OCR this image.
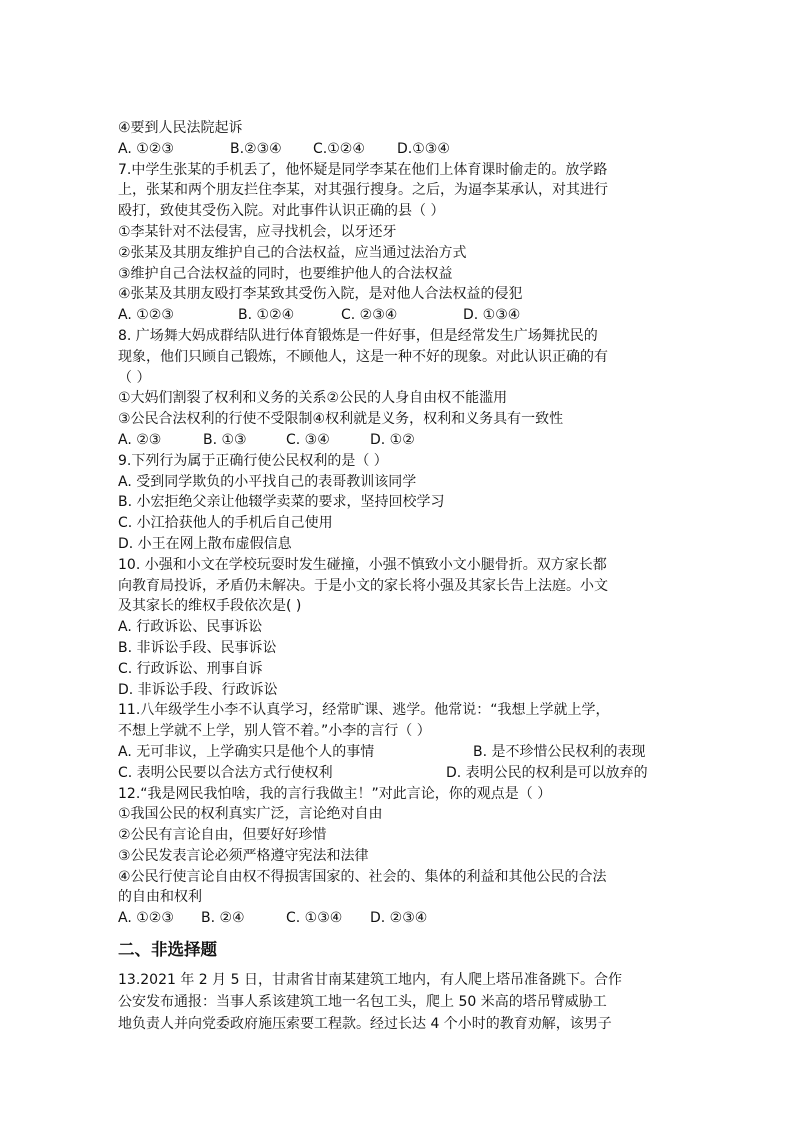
④要到人民法院起诉
A. ①②③	B.②③④	C.①②④	D.①③④
7.中学生张某的手机丢了，他怀疑是同学李某在他们上体育课时偷走的。放学路
上，张某和两个朋友拦住李某，对其强行搜身。之后，为逼李某承认，对其进行
殴打，致使其受伤入院。对此事件认识正确的县（ ）
①李某针对不法侵害，应寻找机会，以牙还牙
②张某及其朋友维护自己的合法权益，应当通过法治方式
③维护自己合法权益的同时，也要维护他人的合法权益
④张某及其朋友殴打李某致其受伤入院，是对他人合法权益的侵犯
A. ①②③	B. ①②④	C. ②③④	D. ①③④
8. 广场舞大妈成群结队进行体育锻炼是一件好事，但是经常发生广场舞扰民的
现象，他们只顾自己锻炼，不顾他人，这是一种不好的现象。对此认识正确的有
（ ）
①大妈们割裂了权利和义务的关系②公民的人身自由权不能滥用
③公民合法权利的行使不受限制④权利就是义务，权利和义务具有一致性
A. ②③	B. ①③	C. ③④	D. ①②
9.下列行为属于正确行使公民权利的是（ ）
A. 受到同学欺负的小平找自己的表哥教训该同学
B. 小宏拒绝父亲让他辍学卖菜的要求，坚持回校学习
C. 小江拾获他人的手机后自己使用
D. 小王在网上散布虚假信息
10. 小强和小文在学校玩耍时发生碰撞，小强不慎致小文小腿骨折。双方家长都
向教育局投诉，矛盾仍未解决。于是小文的家长将小强及其家长告上法庭。小文
及其家长的维权手段依次是( )
A. 行政诉讼、民事诉讼
B. 非诉讼手段、民事诉讼
C. 行政诉讼、刑事自诉
D. 非诉讼手段、行政诉讼
11.八年级学生小李不认真学习，经常旷课、逃学。他常说：“我想上学就上学，
不想上学就不上学，别人管不着。”小李的言行（ ）
A. 无可非议，上学确实只是他个人的事情	B. 是不珍惜公民权利的表现
C. 表明公民要以合法方式行使权利	D. 表明公民的权利是可以放弃的
12.“我是网民我怕啥，我的言行我做主！”对此言论，你的观点是（ ）
①我国公民的权利真实广泛，言论绝对自由
②公民有言论自由，但要好好珍惜
③公民发表言论必须严格遵守宪法和法律
④公民行使言论自由权不得损害国家的、社会的、集体的利益和其他公民的合法
的自由和权利
A. ①②③	B. ②④	C. ①③④	D. ②③④
二、非选择题
13.2021 年 2 月 5 日，甘肃省甘南某建筑工地内，有人爬上塔吊准备跳下。合作
公安发布通报：当事人系该建筑工地一名包工头，爬上 50 米高的塔吊臂威胁工
地负责人并向党委政府施压索要工程款。经过长达 4 个小时的教育劝解，该男子
